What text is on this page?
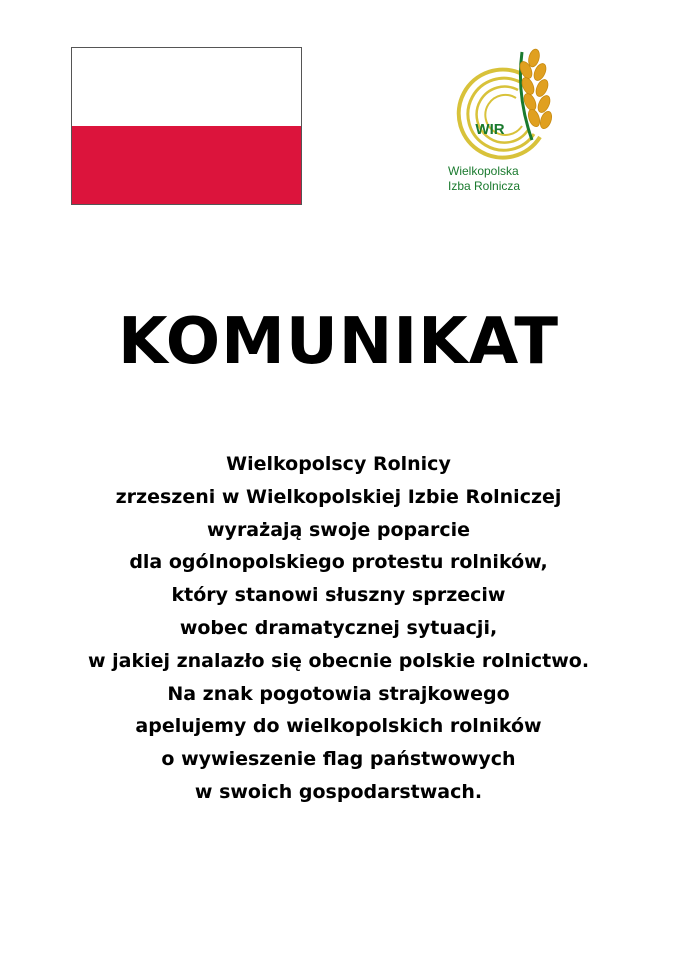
WIR
Wielkopolska
Izba Rolnicza
KOMUNIKAT
Wielkopolscy Rolnicy
zrzeszeni w Wielkopolskiej Izbie Rolniczej
wyrażają swoje poparcie
dla ogólnopolskiego protestu rolników,
który stanowi słuszny sprzeciw
wobec dramatycznej sytuacji,
w jakiej znalazło się obecnie polskie rolnictwo.
Na znak pogotowia strajkowego
apelujemy do wielkopolskich rolników
o wywieszenie flag państwowych
w swoich gospodarstwach.
